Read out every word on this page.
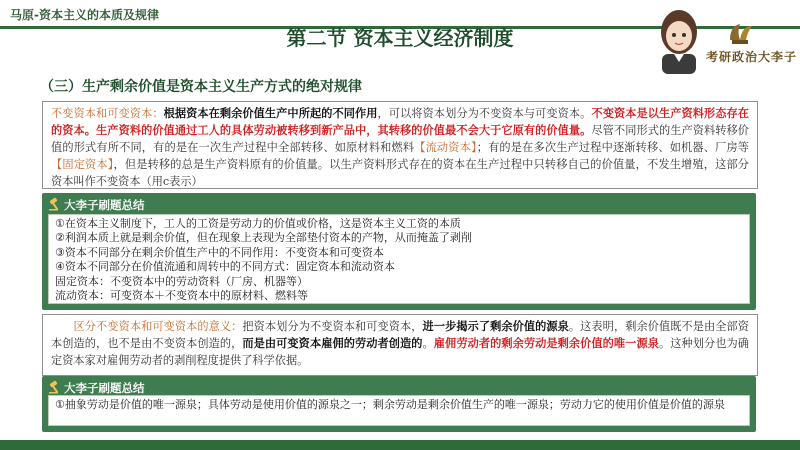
马原-资本主义的本质及规律
第二节 资本主义经济制度
考研政治大李子
（三）生产剩余价值是资本主义生产方式的绝对规律

不变资本和可变资本：根据资本在剩余价值生产中所起的不同作用，可以将资本划分为不变资本与可变资本。不变资本是以生产资料形态存在的资本。生产资料的价值通过工人的具体劳动被转移到新产品中，其转移的价值最不会大于它原有的价值量。尽管不同形式的生产资料转移价值的形式有所不同，有的是在一次生产过程中全部转移、如原材料和燃料【流动资本】；有的是在多次生产过程中逐渐转移、如机器、厂房等【固定资本】，但是转移的总是生产资料原有的价值量。以生产资料形式存在的资本在生产过程中只转移自己的价值量，不发生增殖，这部分资本叫作不变资本（用c表示）

大李子刷题总结
①在资本主义制度下，工人的工资是劳动力的价值或价格，这是资本主义工资的本质
②利润本质上就是剩余价值，但在现象上表现为全部垫付资本的产物，从而掩盖了剥削
③资本不同部分在剩余价值生产中的不同作用：不变资本和可变资本
④资本不同部分在价值流通和周转中的不同方式：固定资本和流动资本
固定资本：不变资本中的劳动资料（厂房、机器等）
流动资本：可变资本＋不变资本中的原材料、燃料等

　　区分不变资本和可变资本的意义：把资本划分为不变资本和可变资本，进一步揭示了剩余价值的源泉。这表明，剩余价值既不是由全部资本创造的，也不是由不变资本创造的，而是由可变资本雇佣的劳动者创造的。雇佣劳动者的剩余劳动是剩余价值的唯一源泉。这种划分也为确定资本家对雇佣劳动者的剥削程度提供了科学依据。

大李子刷题总结
①抽象劳动是价值的唯一源泉；具体劳动是使用价值的源泉之一；剩余劳动是剩余价值生产的唯一源泉；劳动力它的使用价值是价值的源泉
